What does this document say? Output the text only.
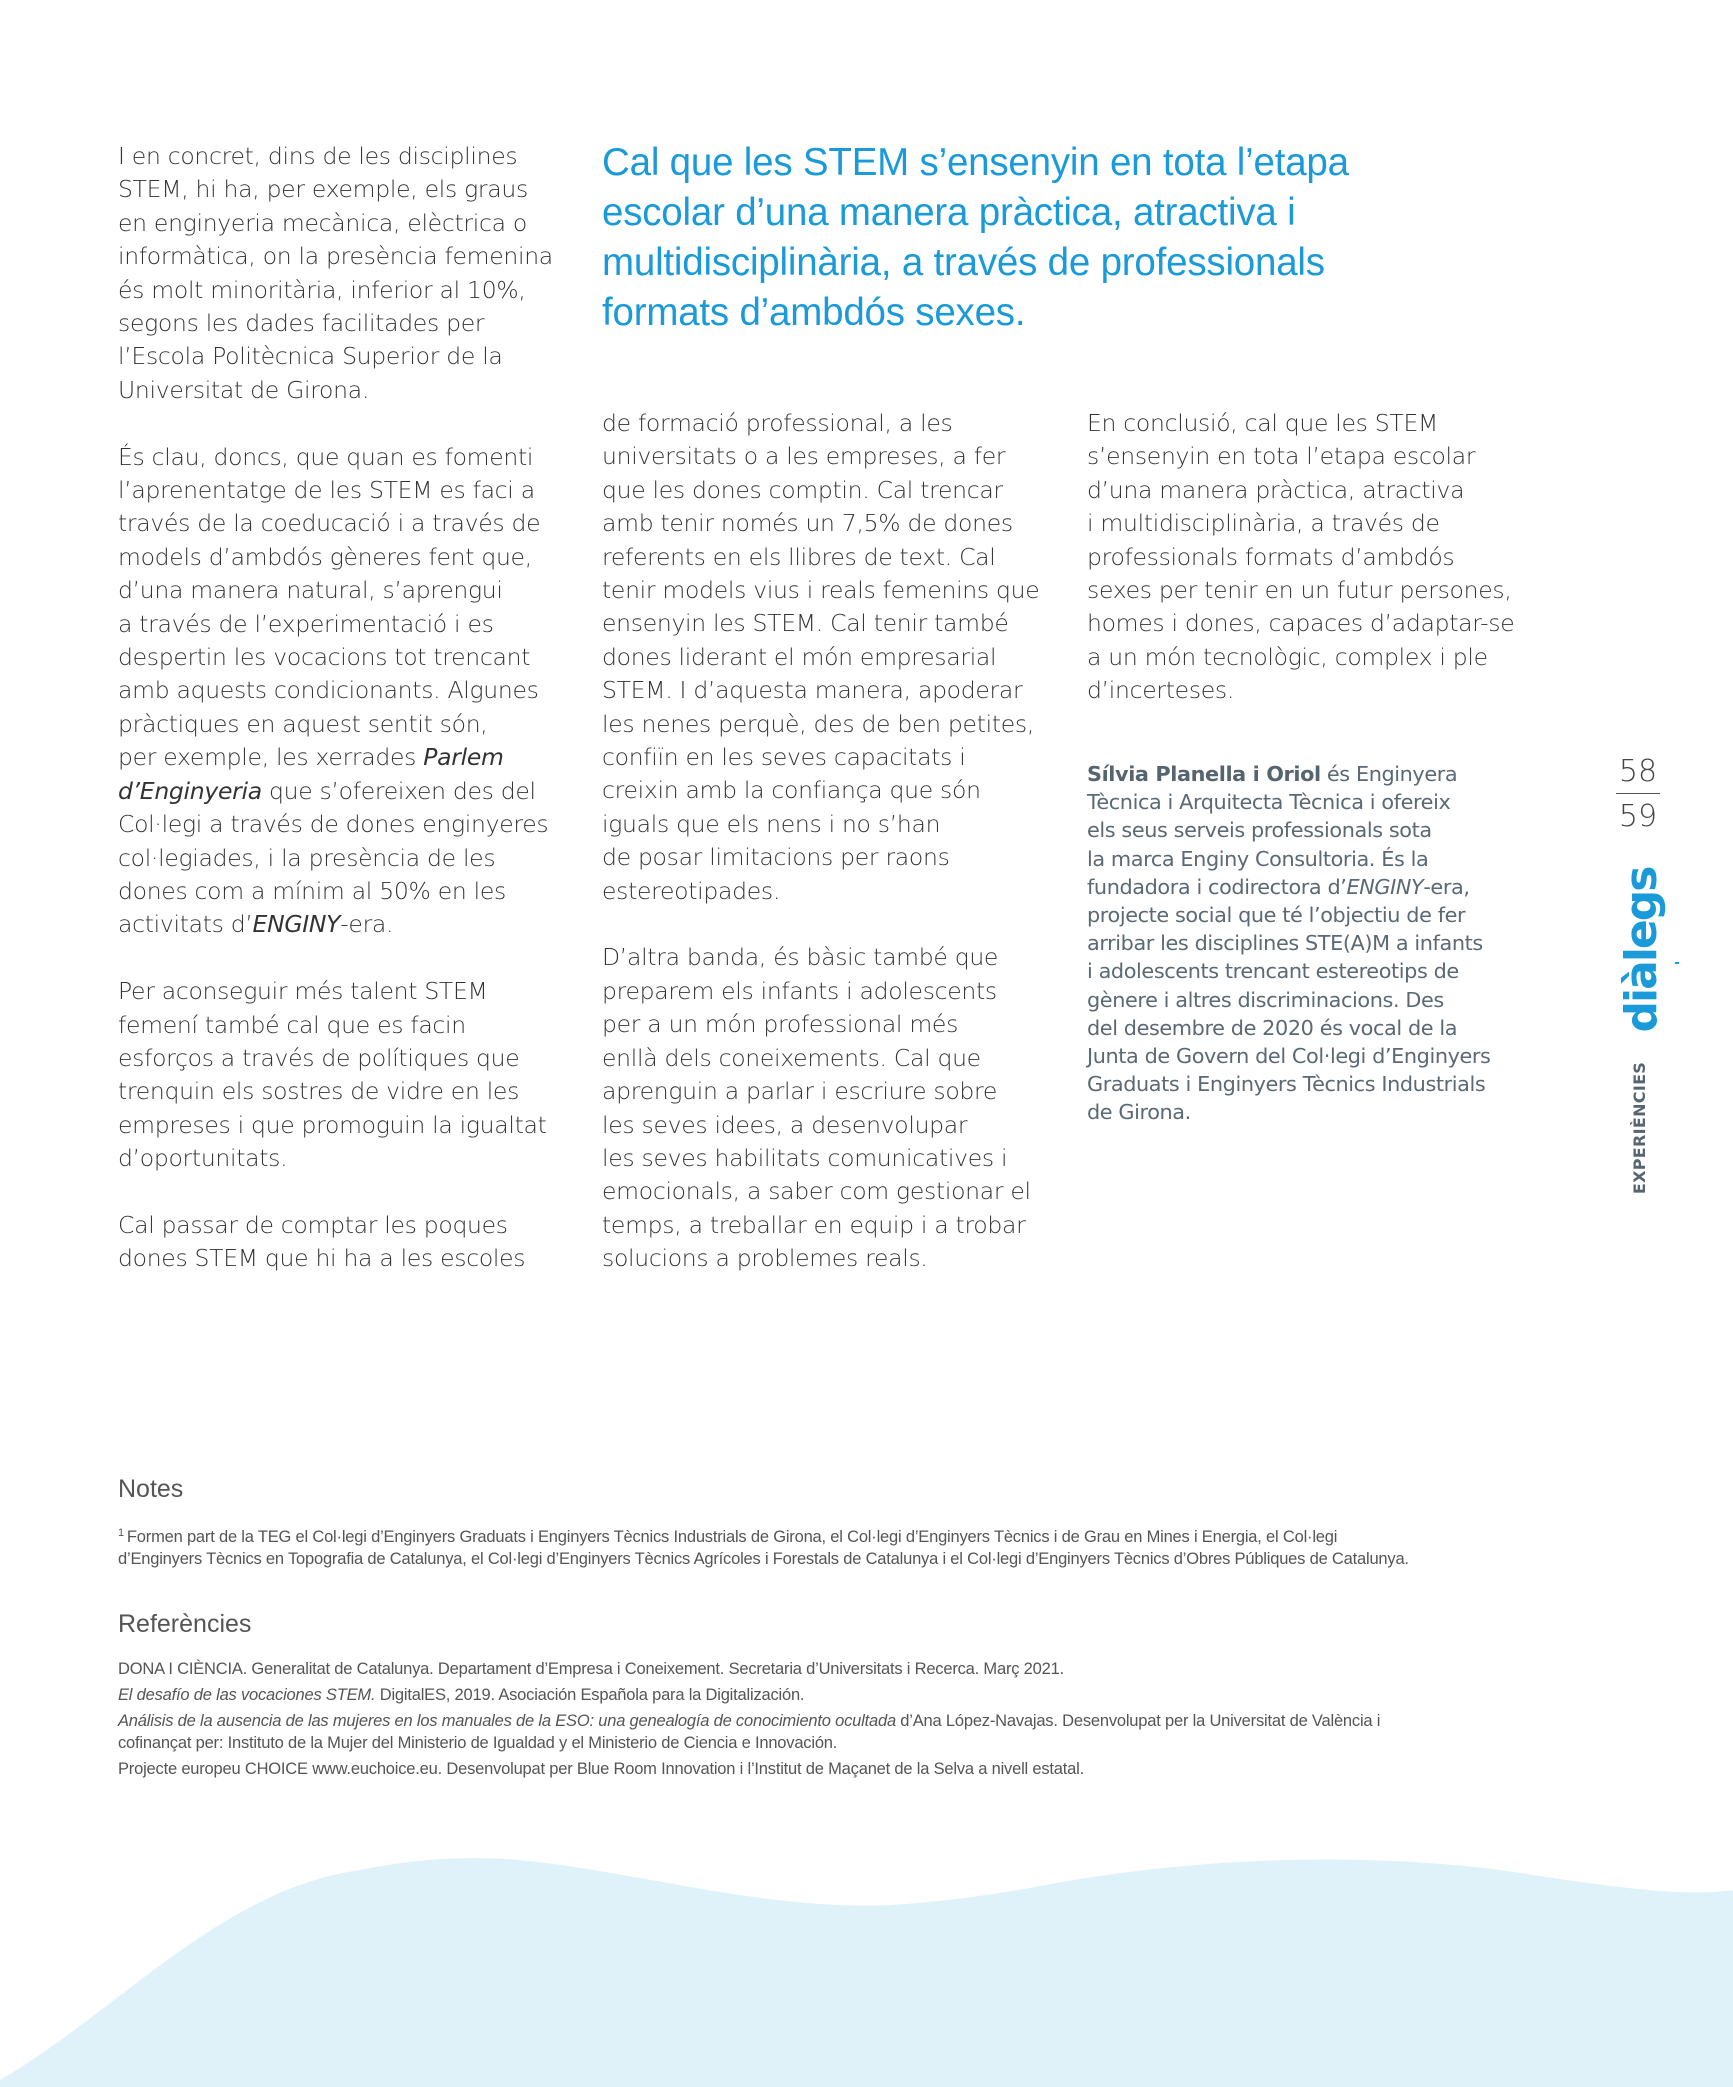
Cal que les STEM s’ensenyin en tota l’etapa
escolar d’una manera pràctica, atractiva i
multidisciplinària, a través de professionals
formats d’ambdós sexes.

I en concret, dins de les disciplines
STEM, hi ha, per exemple, els graus
en enginyeria mecànica, elèctrica o
informàtica, on la presència femenina
és molt minoritària, inferior al 10%,
segons les dades facilitades per
l’Escola Politècnica Superior de la
Universitat de Girona.

És clau, doncs, que quan es fomenti
l’aprenentatge de les STEM es faci a
través de la coeducació i a través de
models d’ambdós gèneres fent que,
d’una manera natural, s’aprengui
a través de l’experimentació i es
despertin les vocacions tot trencant
amb aquests condicionants. Algunes
pràctiques en aquest sentit són,
per exemple, les xerrades Parlem
d’Enginyeria que s’ofereixen des del
Col·legi a través de dones enginyeres
col·legiades, i la presència de les
dones com a mínim al 50% en les
activitats d’ENGINY-era.

Per aconseguir més talent STEM
femení també cal que es facin
esforços a través de polítiques que
trenquin els sostres de vidre en les
empreses i que promoguin la igualtat
d’oportunitats.

Cal passar de comptar les poques
dones STEM que hi ha a les escoles

de formació professional, a les
universitats o a les empreses, a fer
que les dones comptin. Cal trencar
amb tenir només un 7,5% de dones
referents en els llibres de text. Cal
tenir models vius i reals femenins que
ensenyin les STEM. Cal tenir també
dones liderant el món empresarial
STEM. I d’aquesta manera, apoderar
les nenes perquè, des de ben petites,
confiïn en les seves capacitats i
creixin amb la confiança que són
iguals que els nens i no s’han
de posar limitacions per raons
estereotipades.

D’altra banda, és bàsic també que
preparem els infants i adolescents
per a un món professional més
enllà dels coneixements. Cal que
aprenguin a parlar i escriure sobre
les seves idees, a desenvolupar
les seves habilitats comunicatives i
emocionals, a saber com gestionar el
temps, a treballar en equip i a trobar
solucions a problemes reals.

En conclusió, cal que les STEM
s’ensenyin en tota l’etapa escolar
d’una manera pràctica, atractiva
i multidisciplinària, a través de
professionals formats d’ambdós
sexes per tenir en un futur persones,
homes i dones, capaces d’adaptar-se
a un món tecnològic, complex i ple
d’incerteses.

Sílvia Planella i Oriol és Enginyera
Tècnica i Arquitecta Tècnica i ofereix
els seus serveis professionals sota
la marca Enginy Consultoria. És la
fundadora i codirectora d’ENGINY-era,
projecte social que té l’objectiu de fer
arribar les disciplines STE(A)M a infants
i adolescents trencant estereotips de
gènere i altres discriminacions. Des
del desembre de 2020 és vocal de la
Junta de Govern del Col·legi d’Enginyers
Graduats i Enginyers Tècnics Industrials
de Girona.
58
59
diàlegs
EXPERIÈNCIES
Notes
$^1$ Formen part de la TEG el Col·legi d’Enginyers Graduats i Enginyers Tècnics Industrials de Girona, el Col·legi d’Enginyers Tècnics i de Grau en Mines i Energia, el Col·legi
d’Enginyers Tècnics en Topografia de Catalunya, el Col·legi d’Enginyers Tècnics Agrícoles i Forestals de Catalunya i el Col·legi d’Enginyers Tècnics d’Obres Públiques de Catalunya.
Referències
DONA I CIÈNCIA. Generalitat de Catalunya. Departament d’Empresa i Coneixement. Secretaria d’Universitats i Recerca. Març 2021.
El desafío de las vocaciones STEM. DigitalES, 2019. Asociación Española para la Digitalización.
Análisis de la ausencia de las mujeres en los manuales de la ESO: una genealogía de conocimiento ocultada d’Ana López-Navajas. Desenvolupat per la Universitat de València i
cofinançat per: Instituto de la Mujer del Ministerio de Igualdad y el Ministerio de Ciencia e Innovación.
Projecte europeu CHOICE www.euchoice.eu. Desenvolupat per Blue Room Innovation i l’Institut de Maçanet de la Selva a nivell estatal.
